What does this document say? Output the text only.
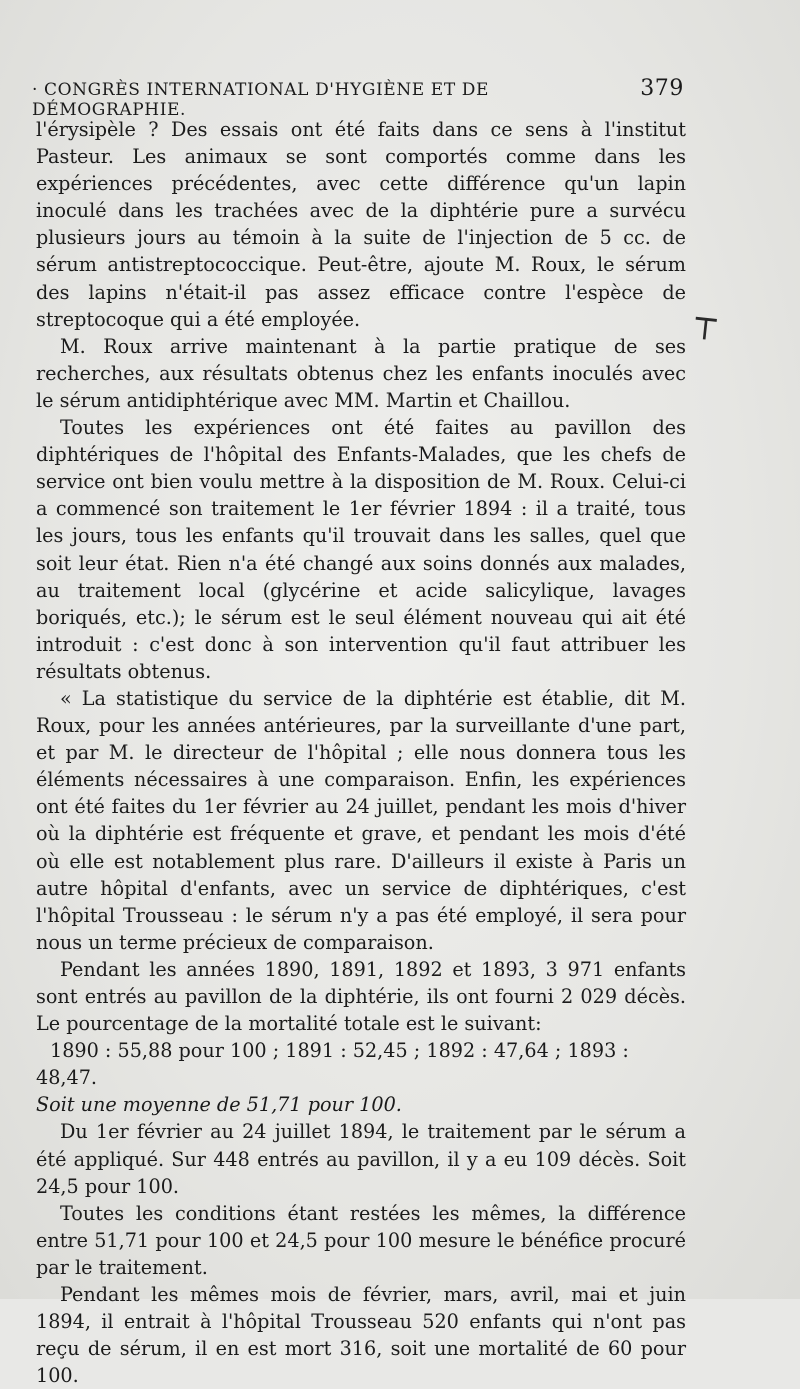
· CONGRÈS INTERNATIONAL D'HYGIÈNE ET DE DÉMOGRAPHIE.
379
┬

l'érysipèle ? Des essais ont été faits dans ce sens à l'institut Pasteur. Les animaux se sont comportés comme dans les expériences précédentes, avec cette différence qu'un lapin inoculé dans les trachées avec de la diphtérie pure a survécu plusieurs jours au témoin à la suite de l'injection de 5 cc. de sérum antistreptococcique. Peut-être, ajoute M. Roux, le sérum des lapins n'était-il pas assez efficace contre l'espèce de streptocoque qui a été employée.

M. Roux arrive maintenant à la partie pratique de ses recherches, aux résultats obtenus chez les enfants inoculés avec le sérum antidiphtérique avec MM. Martin et Chaillou.

Toutes les expériences ont été faites au pavillon des diphtériques de l'hôpital des Enfants-Malades, que les chefs de service ont bien voulu mettre à la disposition de M. Roux. Celui-ci a commencé son traitement le 1er février 1894 : il a traité, tous les jours, tous les enfants qu'il trouvait dans les salles, quel que soit leur état. Rien n'a été changé aux soins donnés aux malades, au traitement local (glycérine et acide salicylique, lavages boriqués, etc.); le sérum est le seul élément nouveau qui ait été introduit : c'est donc à son intervention qu'il faut attribuer les résultats obtenus.

« La statistique du service de la diphtérie est établie, dit M. Roux, pour les années antérieures, par la surveillante d'une part, et par M. le directeur de l'hôpital ; elle nous donnera tous les éléments nécessaires à une comparaison. Enfin, les expériences ont été faites du 1er février au 24 juillet, pendant les mois d'hiver où la diphtérie est fréquente et grave, et pendant les mois d'été où elle est notablement plus rare. D'ailleurs il existe à Paris un autre hôpital d'enfants, avec un service de diphtériques, c'est l'hôpital Trousseau : le sérum n'y a pas été employé, il sera pour nous un terme précieux de comparaison.

Pendant les années 1890, 1891, 1892 et 1893, 3 971 enfants sont entrés au pavillon de la diphtérie, ils ont fourni 2 029 décès. Le pourcentage de la mortalité totale est le suivant:

1890 : 55,88 pour 100 ; 1891 : 52,45 ; 1892 : 47,64 ; 1893 : 48,47.

Soit une moyenne de 51,71 pour 100.

Du 1er février au 24 juillet 1894, le traitement par le sérum a été appliqué. Sur 448 entrés au pavillon, il y a eu 109 décès. Soit 24,5 pour 100.

Toutes les conditions étant restées les mêmes, la différence entre 51,71 pour 100 et 24,5 pour 100 mesure le bénéfice procuré par le traitement.

Pendant les mêmes mois de février, mars, avril, mai et juin 1894, il entrait à l'hôpital Trousseau 520 enfants qui n'ont pas reçu de sérum, il en est mort 316, soit une mortalité de 60 pour 100.
